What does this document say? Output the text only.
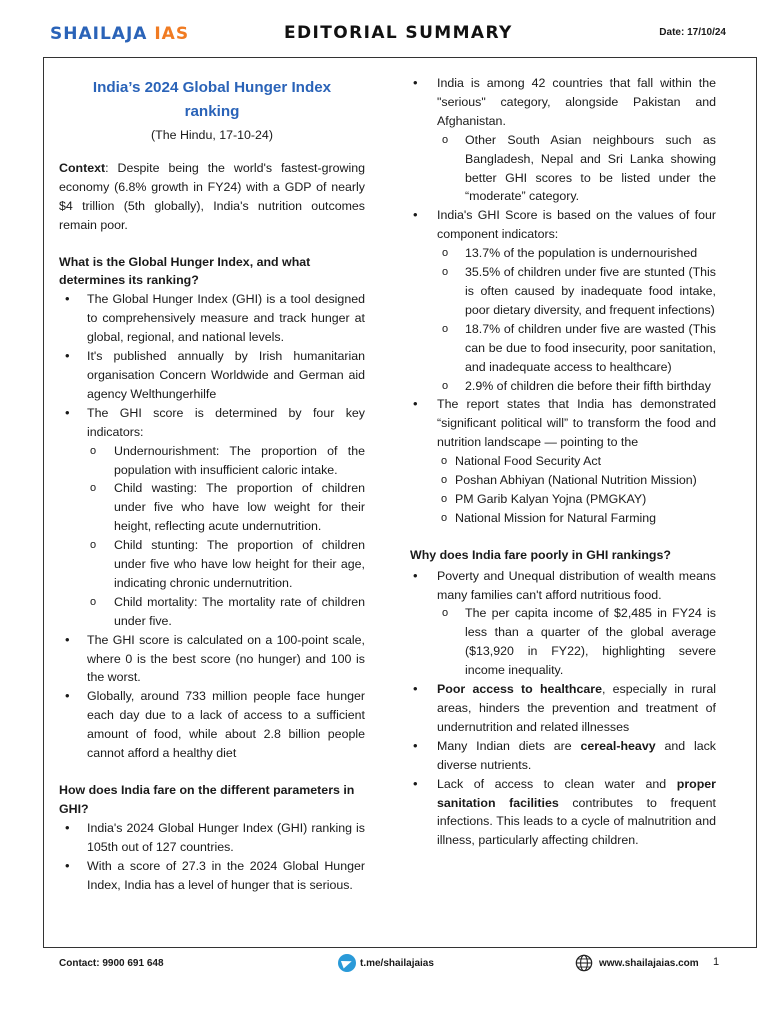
SHAILAJA IAS	EDITORIAL SUMMARY	Date: 17/10/24
India’s 2024 Global Hunger Index
ranking
(The Hindu, 17-10-24)

Context: Despite being the world's fastest-growing economy (6.8% growth in FY24) with a GDP of nearly $4 trillion (5th globally), India's nutrition outcomes remain poor.

What is the Global Hunger Index, and what determines its ranking?
• The Global Hunger Index (GHI) is a tool designed to comprehensively measure and track hunger at global, regional, and national levels.
• It's published annually by Irish humanitarian organisation Concern Worldwide and German aid agency Welthungerhilfe
• The GHI score is determined by four key indicators:
o Undernourishment: The proportion of the population with insufficient caloric intake.
o Child wasting: The proportion of children under five who have low weight for their height, reflecting acute undernutrition.
o Child stunting: The proportion of children under five who have low height for their age, indicating chronic undernutrition.
o Child mortality: The mortality rate of children under five.
• The GHI score is calculated on a 100-point scale, where 0 is the best score (no hunger) and 100 is the worst.
• Globally, around 733 million people face hunger each day due to a lack of access to a sufficient amount of food, while about 2.8 billion people cannot afford a healthy diet
How does India fare on the different parameters in GHI?
• India's 2024 Global Hunger Index (GHI) ranking is 105th out of 127 countries.
• With a score of 27.3 in the 2024 Global Hunger Index, India has a level of hunger that is serious.
• India is among 42 countries that fall within the "serious" category, alongside Pakistan and Afghanistan.
o Other South Asian neighbours such as Bangladesh, Nepal and Sri Lanka showing better GHI scores to be listed under the “moderate” category.
• India's GHI Score is based on the values of four component indicators:
o 13.7% of the population is undernourished
o 35.5% of children under five are stunted (This is often caused by inadequate food intake, poor dietary diversity, and frequent infections)
o 18.7% of children under five are wasted (This can be due to food insecurity, poor sanitation, and inadequate access to healthcare)
o 2.9% of children die before their fifth birthday
• The report states that India has demonstrated “significant political will” to transform the food and nutrition landscape — pointing to the
o National Food Security Act
o Poshan Abhiyan (National Nutrition Mission)
o PM Garib Kalyan Yojna (PMGKAY)
o National Mission for Natural Farming
Why does India fare poorly in GHI rankings?
• Poverty and Unequal distribution of wealth means many families can't afford nutritious food.
o The per capita income of $2,485 in FY24 is less than a quarter of the global average ($13,920 in FY22), highlighting severe income inequality.
• Poor access to healthcare, especially in rural areas, hinders the prevention and treatment of undernutrition and related illnesses
• Many Indian diets are cereal-heavy and lack diverse nutrients.
• Lack of access to clean water and proper sanitation facilities contributes to frequent infections. This leads to a cycle of malnutrition and illness, particularly affecting children.
Contact: 9900 691 648	t.me/shailajaias	www.shailajaias.com 1
